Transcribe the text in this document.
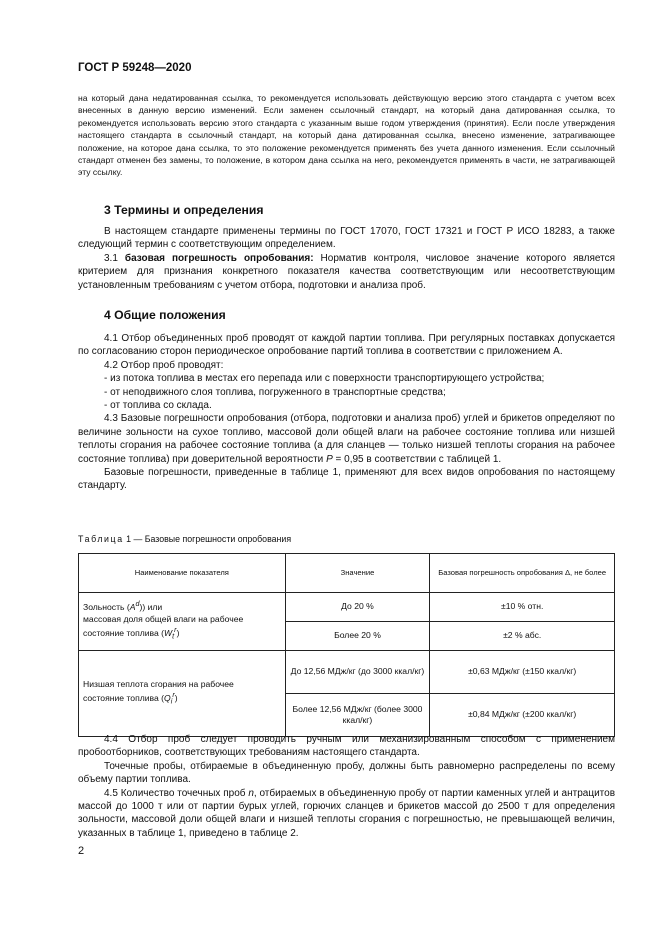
ГОСТ Р 59248—2020
на который дана недатированная ссылка, то рекомендуется использовать действующую версию этого стандарта с учетом всех внесенных в данную версию изменений. Если заменен ссылочный стандарт, на который дана датированная ссылка, то рекомендуется использовать версию этого стандарта с указанным выше годом утверждения (принятия). Если после утверждения настоящего стандарта в ссылочный стандарт, на который дана датированная ссылка, внесено изменение, затрагивающее положение, на которое дана ссылка, то это положение рекомендуется применять без учета данного изменения. Если ссылочный стандарт отменен без замены, то положение, в котором дана ссылка на него, рекомендуется применять в части, не затрагивающей эту ссылку.
3 Термины и определения

В настоящем стандарте применены термины по ГОСТ 17070, ГОСТ 17321 и ГОСТ Р ИСО 18283, а также следующий термин с соответствующим определением.

3.1 базовая погрешность опробования: Норматив контроля, числовое значение которого является критерием для признания конкретного показателя качества соответствующим или несоответствующим установленным требованиям с учетом отбора, подготовки и анализа проб.

4 Общие положения

4.1 Отбор объединенных проб проводят от каждой партии топлива. При регулярных поставках допускается по согласованию сторон периодическое опробование партий топлива в соответствии с приложением А.

4.2 Отбор проб проводят:

- из потока топлива в местах его перепада или с поверхности транспортирующего устройства;

- от неподвижного слоя топлива, погруженного в транспортные средства;

- от топлива со склада.

4.3 Базовые погрешности опробования (отбора, подготовки и анализа проб) углей и брикетов определяют по величине зольности на сухое топливо, массовой доли общей влаги на рабочее состояние топлива или низшей теплоты сгорания на рабочее состояние топлива (а для сланцев — только низшей теплоты сгорания на рабочее состояние топлива) при доверительной вероятности P = 0,95 в соответствии с таблицей 1.

Базовые погрешности, приведенные в таблице 1, применяют для всех видов опробования по настоящему стандарту.

Таблица 1 — Базовые погрешности опробования
Наименование показателя	Значение	Базовая погрешность опробования Δ, не более
Зольность $(A^d)$) или
массовая доля общей влаги на рабочее
состояние топлива $(W_t^r)$	До 20 %	±10 % отн.
	Более 20 %	±2 % абс.
Низшая теплота сгорания на рабочее
состояние топлива $(Q_i^r)$	До 12,56 МДж/кг (до 3000 ккал/кг)	±0,63 МДж/кг (±150 ккал/кг)
	Более 12,56 МДж/кг (более 3000 ккал/кг)	±0,84 МДж/кг (±200 ккал/кг)

4.4 Отбор проб следует проводить ручным или механизированным способом с применением пробоотборников, соответствующих требованиям настоящего стандарта.

Точечные пробы, отбираемые в объединенную пробу, должны быть равномерно распределены по всему объему партии топлива.

4.5 Количество точечных проб n, отбираемых в объединенную пробу от партии каменных углей и антрацитов массой до 1000 т или от партии бурых углей, горючих сланцев и брикетов массой до 2500 т для определения зольности, массовой доли общей влаги и низшей теплоты сгорания с погрешностью, не превышающей величин, указанных в таблице 1, приведено в таблице 2.

2
